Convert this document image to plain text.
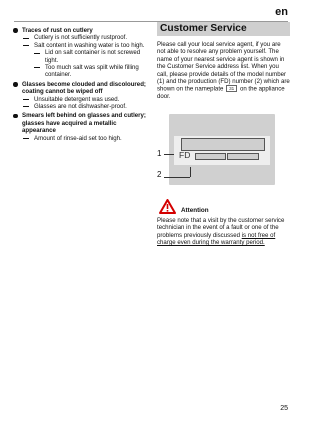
en
Traces of rust on cutlery
Cutlery is not sufficiently rustproof.
Salt content in washing water is too high.
Lid on salt container is not screwed tight.
Too much salt was spilt while filling container.
Glasses become clouded and discoloured; coating cannot be wiped off
Unsuitable detergent was used.
Glasses are not dishwasher-proof.
Smears left behind on glasses and cutlery; glasses have acquired a metallic appearance
Amount of rinse-aid set too high.
Customer Service

Please call your local service agent, if you are not able to resolve any problem yourself. The name of your nearest service agent is shown in the Customer Service address list. When you call, please provide details of the model number (1) and the production (FD) number (2) which are shown on the nameplate 31 on the appliance door.

FD
1
2
Attention

Please note that a visit by the customer service technician in the event of a fault or one of the problems previously discussed is not free of charge even during the warranty period.

25
